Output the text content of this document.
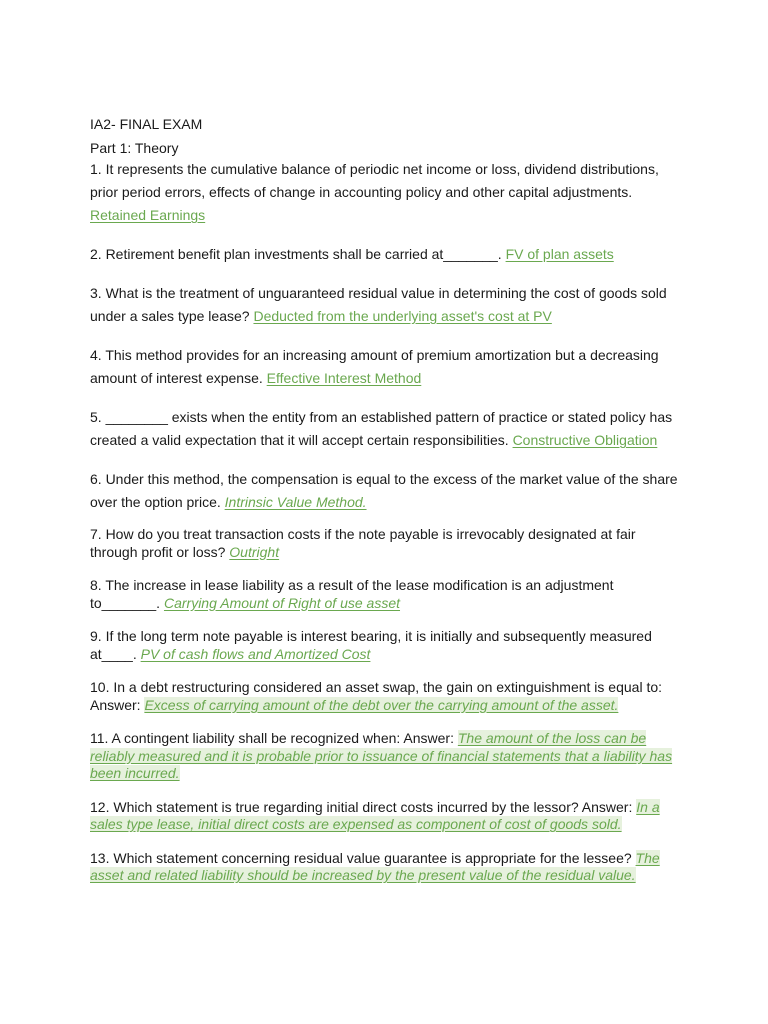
IA2- FINAL EXAM
Part 1: Theory
1. It represents the cumulative balance of periodic net income or loss, dividend distributions, prior period errors, effects of change in accounting policy and other capital adjustments. Retained Earnings
2. Retirement benefit plan investments shall be carried at_______. FV of plan assets
3. What is the treatment of unguaranteed residual value in determining the cost of goods sold under a sales type lease? Deducted from the underlying asset's cost at PV
4. This method provides for an increasing amount of premium amortization but a decreasing amount of interest expense. Effective Interest Method
5. ________ exists when the entity from an established pattern of practice or stated policy has created a valid expectation that it will accept certain responsibilities. Constructive Obligation
6. Under this method, the compensation is equal to the excess of the market value of the share over the option price. Intrinsic Value Method.
7. How do you treat transaction costs if the note payable is irrevocably designated at fair through profit or loss? Outright
8. The increase in lease liability as a result of the lease modification is an adjustment to_______. Carrying Amount of Right of use asset
9. If the long term note payable is interest bearing, it is initially and subsequently measured at____. PV of cash flows and Amortized Cost
10. In a debt restructuring considered an asset swap, the gain on extinguishment is equal to: Answer: Excess of carrying amount of the debt over the carrying amount of the asset.
11. A contingent liability shall be recognized when: Answer: The amount of the loss can be reliably measured and it is probable prior to issuance of financial statements that a liability has been incurred.
12. Which statement is true regarding initial direct costs incurred by the lessor? Answer: In a sales type lease, initial direct costs are expensed as component of cost of goods sold.
13. Which statement concerning residual value guarantee is appropriate for the lessee? The asset and related liability should be increased by the present value of the residual value.
